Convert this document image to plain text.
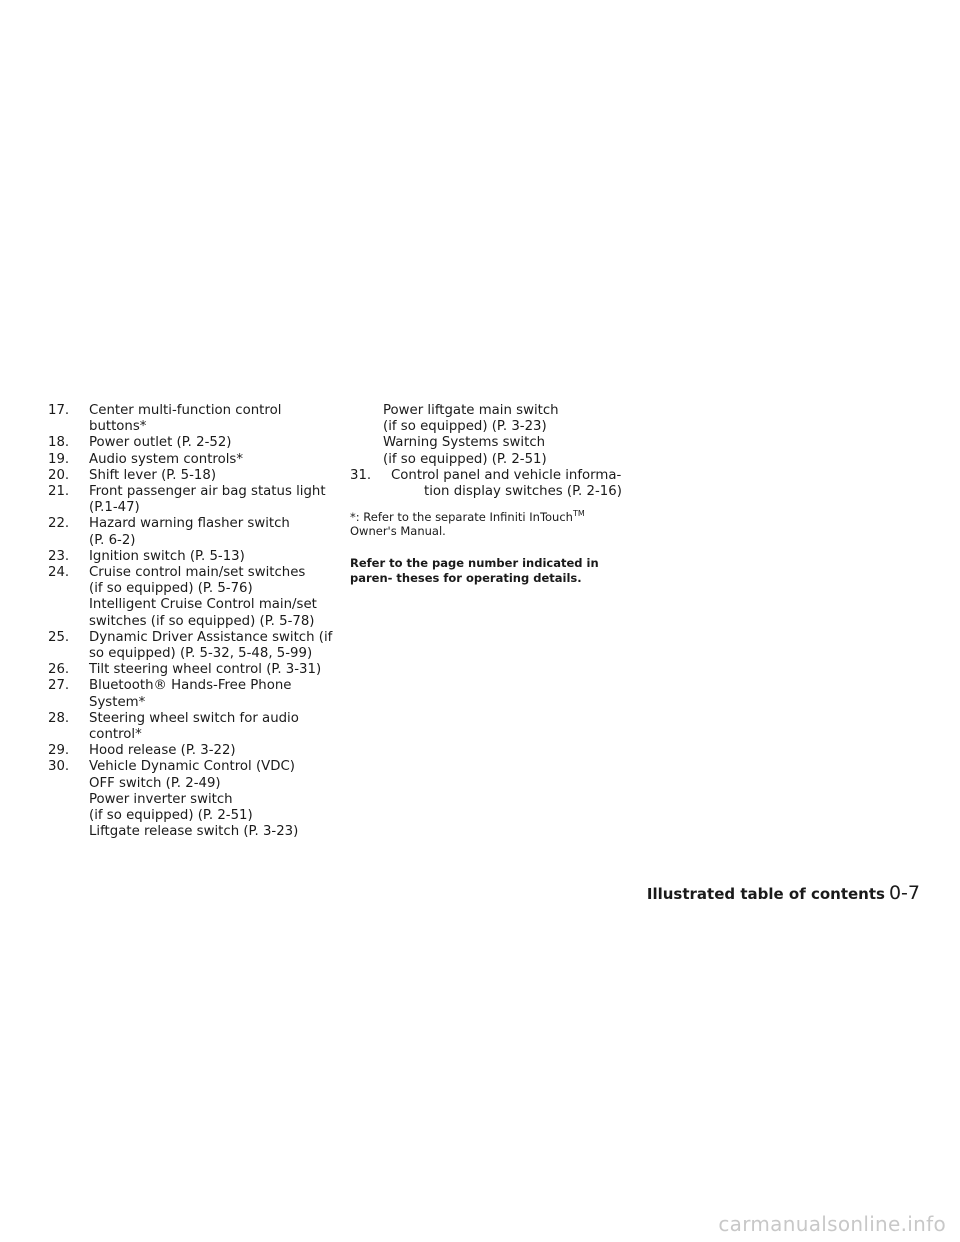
17. Center multi-function control
buttons*
18. Power outlet (P. 2-52)
19. Audio system controls*
20. Shift lever (P. 5-18)
21. Front passenger air bag status light
(P.1-47)
22. Hazard warning flasher switch
(P. 6-2)
23. Ignition switch (P. 5-13)
24. Cruise control main/set switches
(if so equipped) (P. 5-76)
Intelligent Cruise Control main/set
switches (if so equipped) (P. 5-78)
25. Dynamic Driver Assistance switch (if
so equipped) (P. 5-32, 5-48, 5-99)
26. Tilt steering wheel control (P. 3-31)
27. Bluetooth® Hands-Free Phone
System*
28. Steering wheel switch for audio
control*
29. Hood release (P. 3-22)
30. Vehicle Dynamic Control (VDC)
OFF switch (P. 2-49)
Power inverter switch
(if so equipped) (P. 2-51)
Liftgate release switch (P. 3-23)
Power liftgate main switch
(if so equipped) (P. 3-23)
Warning Systems switch
(if so equipped) (P. 2-51)
31. Control panel and vehicle informa-
tion display switches (P. 2-16)
*: Refer to the separate Infiniti InTouch™
Owner's Manual.
Refer to the page number indicated in paren- theses for operating details.
Illustrated table of contents 0-7
carmanualsonline.info
